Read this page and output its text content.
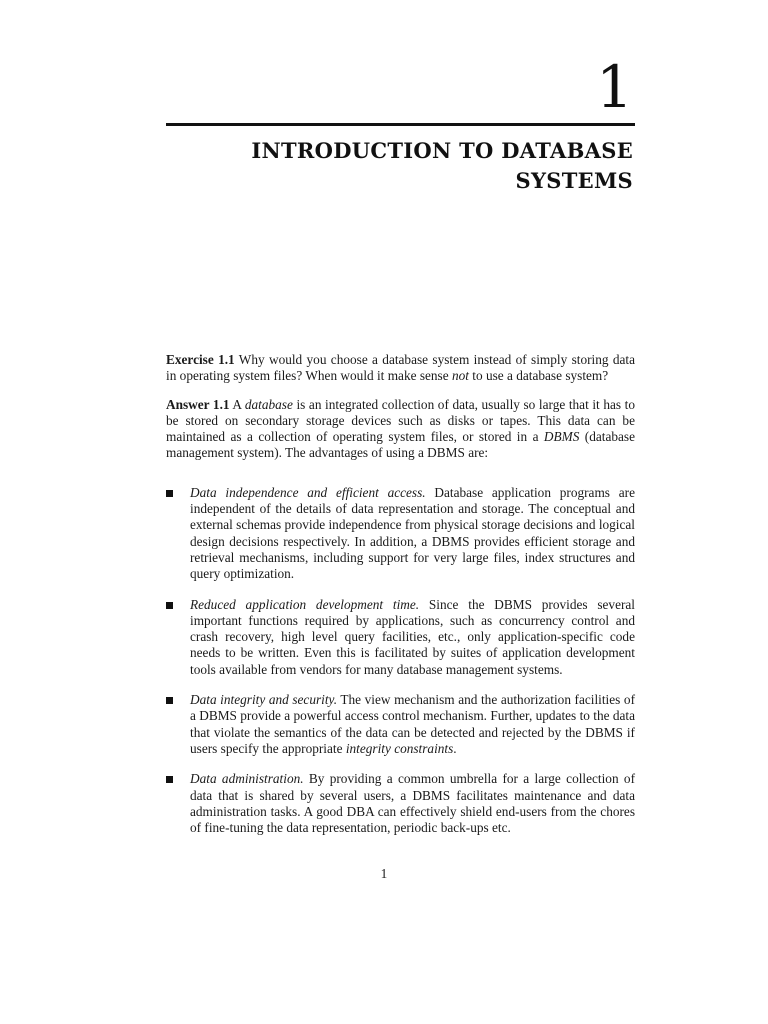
1
INTRODUCTION TO DATABASE
SYSTEMS

Exercise 1.1 Why would you choose a database system instead of simply storing data in operating system files? When would it make sense not to use a database system?

Answer 1.1 A database is an integrated collection of data, usually so large that it has to be stored on secondary storage devices such as disks or tapes. This data can be maintained as a collection of operating system files, or stored in a DBMS (database management system). The advantages of using a DBMS are:

Data independence and efficient access. Database application programs are independent of the details of data representation and storage. The conceptual and external schemas provide independence from physical storage decisions and logical design decisions respectively. In addition, a DBMS provides efficient storage and retrieval mechanisms, including support for very large files, index structures and query optimization.
Reduced application development time. Since the DBMS provides several important functions required by applications, such as concurrency control and crash recovery, high level query facilities, etc., only application-specific code needs to be written. Even this is facilitated by suites of application development tools available from vendors for many database management systems.
Data integrity and security. The view mechanism and the authorization facilities of a DBMS provide a powerful access control mechanism. Further, updates to the data that violate the semantics of the data can be detected and rejected by the DBMS if users specify the appropriate integrity constraints.
Data administration. By providing a common umbrella for a large collection of data that is shared by several users, a DBMS facilitates maintenance and data administration tasks. A good DBA can effectively shield end-users from the chores of fine-tuning the data representation, periodic back-ups etc.
1
